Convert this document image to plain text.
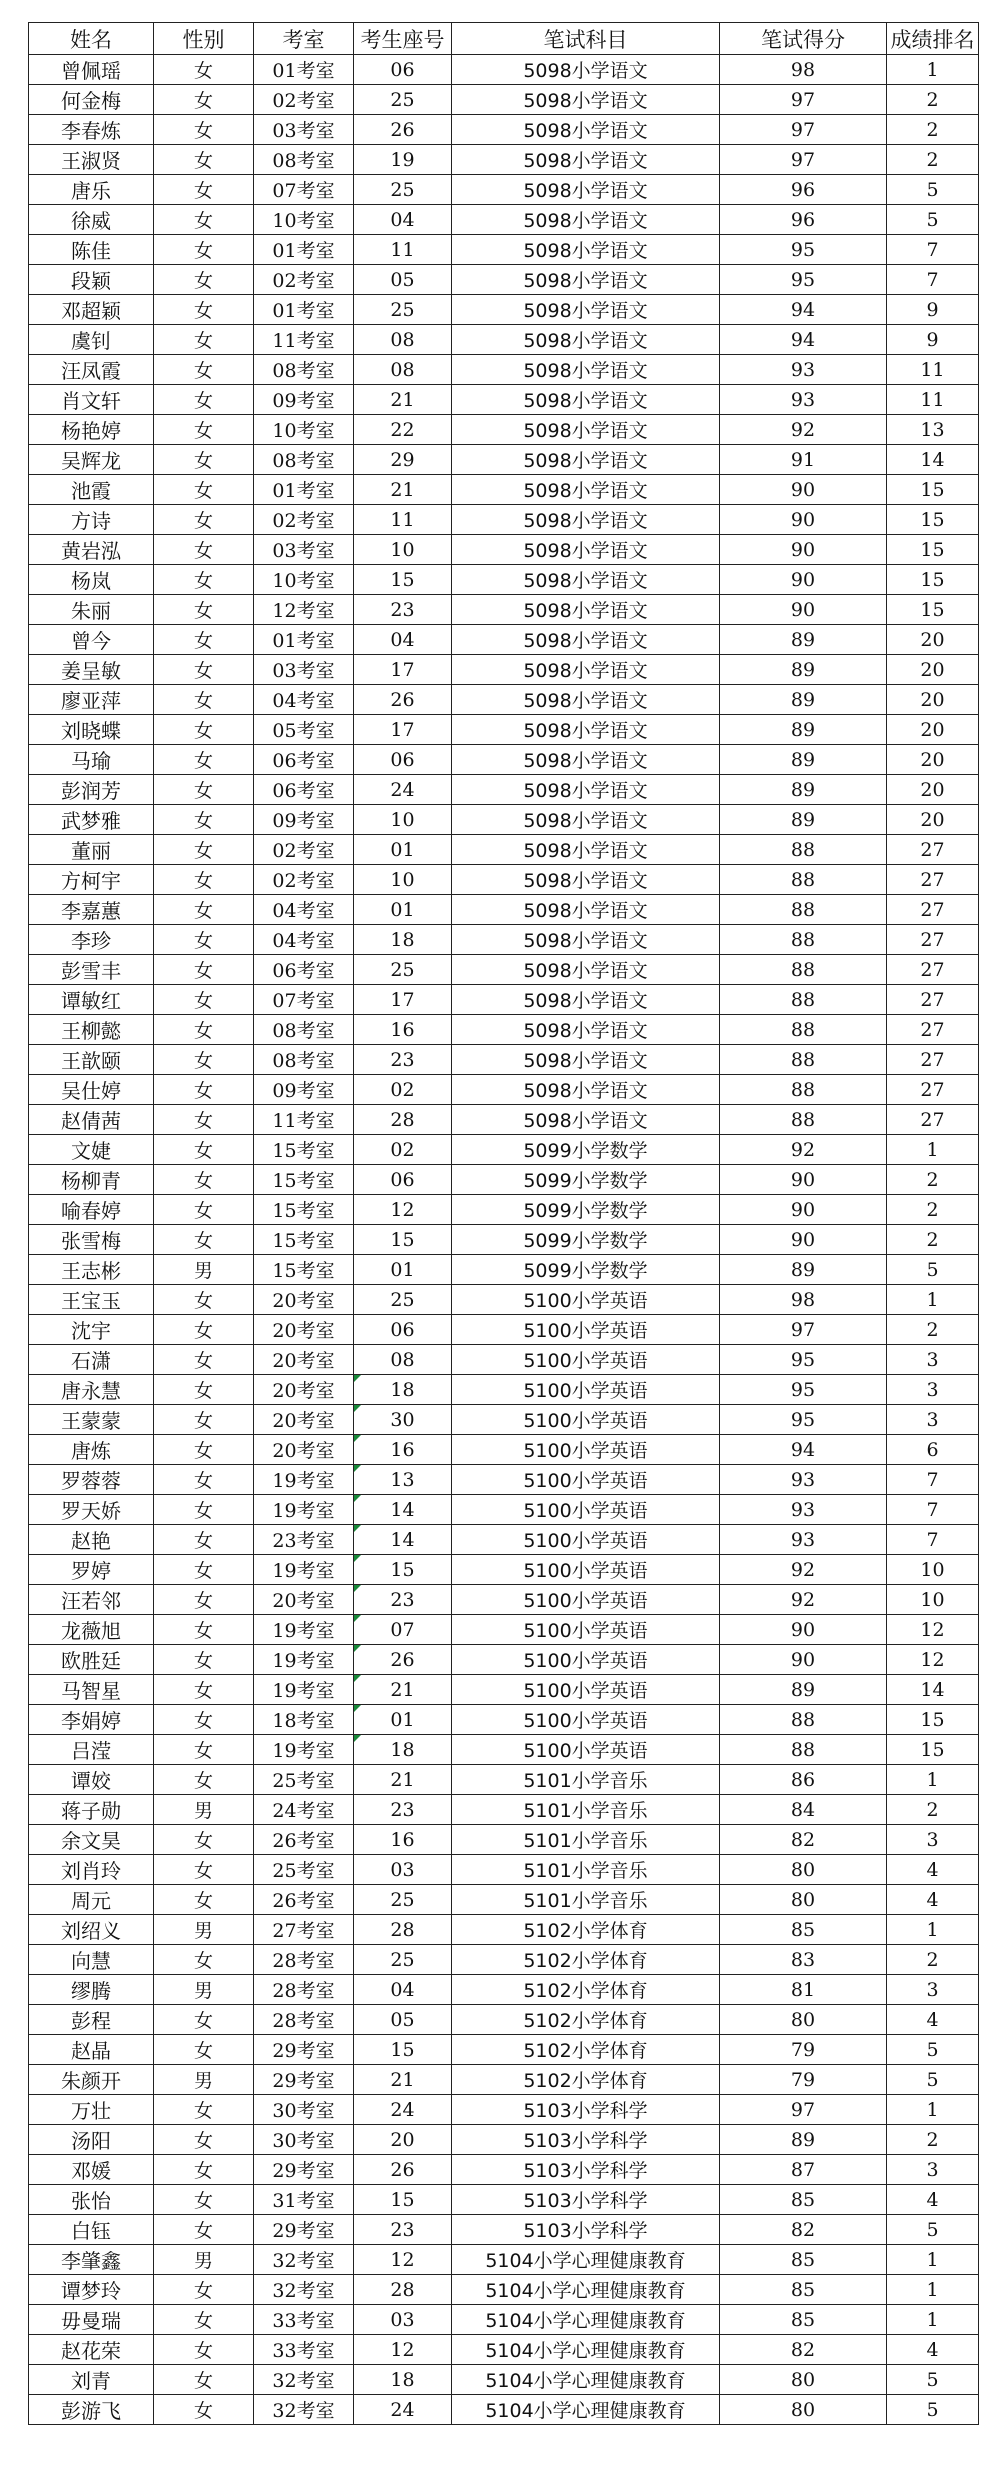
姓名	性别	考室	考生座号	笔试科目	笔试得分	成绩排名
曾佩瑶	女	01考室	06	5098小学语文	98	1
何金梅	女	02考室	25	5098小学语文	97	2
李春炼	女	03考室	26	5098小学语文	97	2
王淑贤	女	08考室	19	5098小学语文	97	2
唐乐	女	07考室	25	5098小学语文	96	5
徐威	女	10考室	04	5098小学语文	96	5
陈佳	女	01考室	11	5098小学语文	95	7
段颖	女	02考室	05	5098小学语文	95	7
邓超颖	女	01考室	25	5098小学语文	94	9
虞钊	女	11考室	08	5098小学语文	94	9
汪凤霞	女	08考室	08	5098小学语文	93	11
肖文轩	女	09考室	21	5098小学语文	93	11
杨艳婷	女	10考室	22	5098小学语文	92	13
吴辉龙	女	08考室	29	5098小学语文	91	14
池霞	女	01考室	21	5098小学语文	90	15
方诗	女	02考室	11	5098小学语文	90	15
黄岩泓	女	03考室	10	5098小学语文	90	15
杨岚	女	10考室	15	5098小学语文	90	15
朱丽	女	12考室	23	5098小学语文	90	15
曾今	女	01考室	04	5098小学语文	89	20
姜呈敏	女	03考室	17	5098小学语文	89	20
廖亚萍	女	04考室	26	5098小学语文	89	20
刘晓蝶	女	05考室	17	5098小学语文	89	20
马瑜	女	06考室	06	5098小学语文	89	20
彭润芳	女	06考室	24	5098小学语文	89	20
武梦雅	女	09考室	10	5098小学语文	89	20
董丽	女	02考室	01	5098小学语文	88	27
方柯宇	女	02考室	10	5098小学语文	88	27
李嘉蕙	女	04考室	01	5098小学语文	88	27
李珍	女	04考室	18	5098小学语文	88	27
彭雪丰	女	06考室	25	5098小学语文	88	27
谭敏红	女	07考室	17	5098小学语文	88	27
王柳懿	女	08考室	16	5098小学语文	88	27
王歆颐	女	08考室	23	5098小学语文	88	27
吴仕婷	女	09考室	02	5098小学语文	88	27
赵倩茜	女	11考室	28	5098小学语文	88	27
文婕	女	15考室	02	5099小学数学	92	1
杨柳青	女	15考室	06	5099小学数学	90	2
喻春婷	女	15考室	12	5099小学数学	90	2
张雪梅	女	15考室	15	5099小学数学	90	2
王志彬	男	15考室	01	5099小学数学	89	5
王宝玉	女	20考室	25	5100小学英语	98	1
沈宇	女	20考室	06	5100小学英语	97	2
石潇	女	20考室	08	5100小学英语	95	3
唐永慧	女	20考室	18	5100小学英语	95	3
王蒙蒙	女	20考室	30	5100小学英语	95	3
唐炼	女	20考室	16	5100小学英语	94	6
罗蓉蓉	女	19考室	13	5100小学英语	93	7
罗天娇	女	19考室	14	5100小学英语	93	7
赵艳	女	23考室	14	5100小学英语	93	7
罗婷	女	19考室	15	5100小学英语	92	10
汪若邻	女	20考室	23	5100小学英语	92	10
龙薇旭	女	19考室	07	5100小学英语	90	12
欧胜廷	女	19考室	26	5100小学英语	90	12
马智星	女	19考室	21	5100小学英语	89	14
李娟婷	女	18考室	01	5100小学英语	88	15
吕滢	女	19考室	18	5100小学英语	88	15
谭姣	女	25考室	21	5101小学音乐	86	1
蒋子勋	男	24考室	23	5101小学音乐	84	2
余文昊	女	26考室	16	5101小学音乐	82	3
刘肖玲	女	25考室	03	5101小学音乐	80	4
周元	女	26考室	25	5101小学音乐	80	4
刘绍义	男	27考室	28	5102小学体育	85	1
向慧	女	28考室	25	5102小学体育	83	2
缪腾	男	28考室	04	5102小学体育	81	3
彭程	女	28考室	05	5102小学体育	80	4
赵晶	女	29考室	15	5102小学体育	79	5
朱颜开	男	29考室	21	5102小学体育	79	5
万壮	女	30考室	24	5103小学科学	97	1
汤阳	女	30考室	20	5103小学科学	89	2
邓媛	女	29考室	26	5103小学科学	87	3
张怡	女	31考室	15	5103小学科学	85	4
白钰	女	29考室	23	5103小学科学	82	5
李肇鑫	男	32考室	12	5104小学心理健康教育	85	1
谭梦玲	女	32考室	28	5104小学心理健康教育	85	1
毋曼瑞	女	33考室	03	5104小学心理健康教育	85	1
赵花荣	女	33考室	12	5104小学心理健康教育	82	4
刘青	女	32考室	18	5104小学心理健康教育	80	5
彭游飞	女	32考室	24	5104小学心理健康教育	80	5
